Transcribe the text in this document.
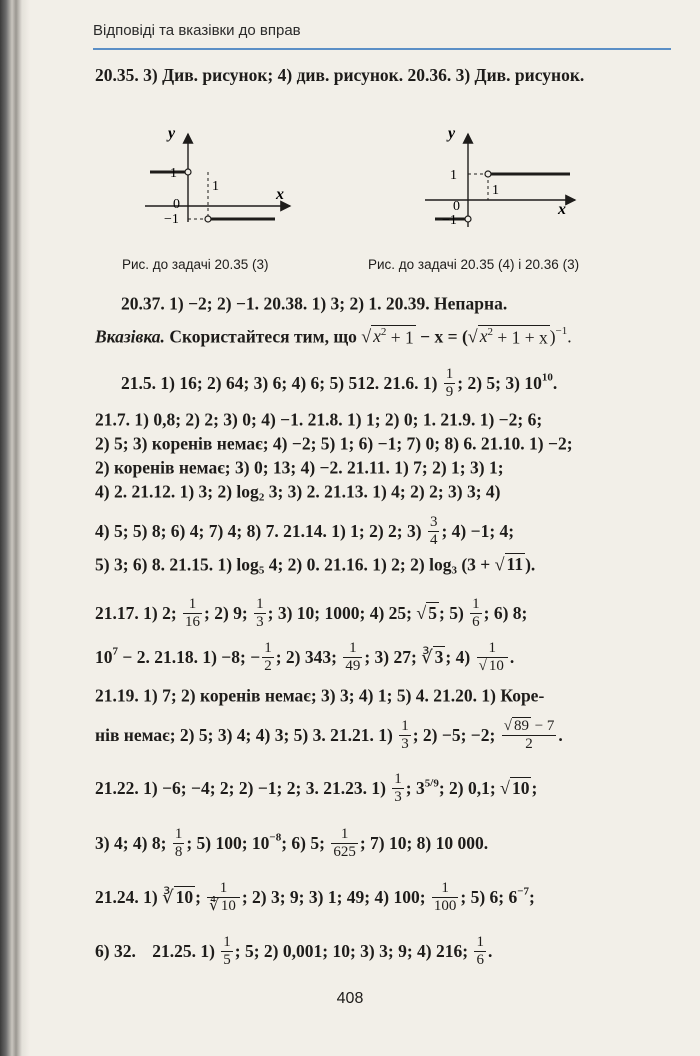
Відповіді та вказівки до вправ
20.35. 3) Див. рисунок; 4) див. рисунок. 20.36. 3) Див. рисунок.
y
1
1
0
−1
x
y
1
1
0
−1
x
Рис. до задачі 20.35 (3)	Рис. до задачі 20.35 (4) і 20.36 (3)
20.37. 1) −2; 2) −1. 20.38. 1) 3; 2) 1. 20.39. Непарна.
Вказівка. Скористайтеся тим, що √ $x^2 + 1 - x$ = (√ $x^2 + 1 + x$ )$^{-1}$.
21.5. 1) 16; 2) 64; 3) 6; 4) 6; 5) 512. 21.6. $1) \frac{1}{9}$ ; 2) 5; 3) $10^{10}$.
21.7. 1) 0,8; 2) 2; 3) 0; 4) −1. 21.8. 1) 1; 2) 0; 1. 21.9. 1) −2; 6;
2) 5; 3) коренів немає; 4) −2; 5) 1; 6) −1; 7) 0; 8) 6. 21.10. 1) −2;
2) коренів немає; 3) 0; 13; 4) −2. 21.11. 1) 7; 2) 1; 3) 1;
4) 2. 21.12. 1) 3; 2) $\log_2 3$; 3) 2. 21.13. 1) 4; 2) 2; 3) 3; 4)
4) 5; 5) 8; 6) 4; 7) 4; 8) 7. 21.14. 1) 1; 2) 2; $3) \frac{3}{4}$ ; 4) −1; 4;
5) 3; 6) 8. 21.15. 1) $\log_5 4$; 2) 0. 21.16. 1) 2; 2) $\log_3 (3$ + √ 11 ).
21.17. 1) 2; $\frac{1}{16}$ ; 2) 9; $\frac{1}{3}$ ; 3) 10; 1000; 4) 25; √ 5 ; $5) \frac{1}{6}$ ; 6) 8;
$10^7 - 2$. 21.18. 1) −8; − $\frac{1}{2}$ ; 2) 343; $\frac{1}{49}$ ; 3) 27; ∛ 3 ; $4) \frac{1}{√ 10}$ .
21.19. 1) 7; 2) коренів немає; 3) 3; 4) 1; 5) 4. 21.20. 1) Коре-
нів немає; 2) 5; 3) 4; 4) 3; 5) 3. 21.21. $1) \frac{1}{3}$ ; 2) −5; −2; $\frac{√ 89 - 7}{2}$ .
21.22. 1) −6; −4; 2; 2) −1; 2; 3. 21.23. $1) \frac{1}{3}$ ; $3^{5/9}$; 2) 0,1; √ 10 ;
3) 4; 4) 8; $\frac{1}{8}$ ; 5) 100; $10^{-8}$; 6) 5; $\frac{1}{625}$ ; 7) 10; 8) 10 000.
21.24. 1) ∛ 10 ; $\frac{1}{∜ 10}$ ; 2) 3; 9; 3) 1; 49; 4) 100; $\frac{1}{100}$ ; 5) 6; $6^{-7}$;
6) 32. 21.25. $1) \frac{1}{5}$ ; 5; 2) 0,001; 10; 3) 3; 9; 4) 216; $\frac{1}{6}$ .
408
